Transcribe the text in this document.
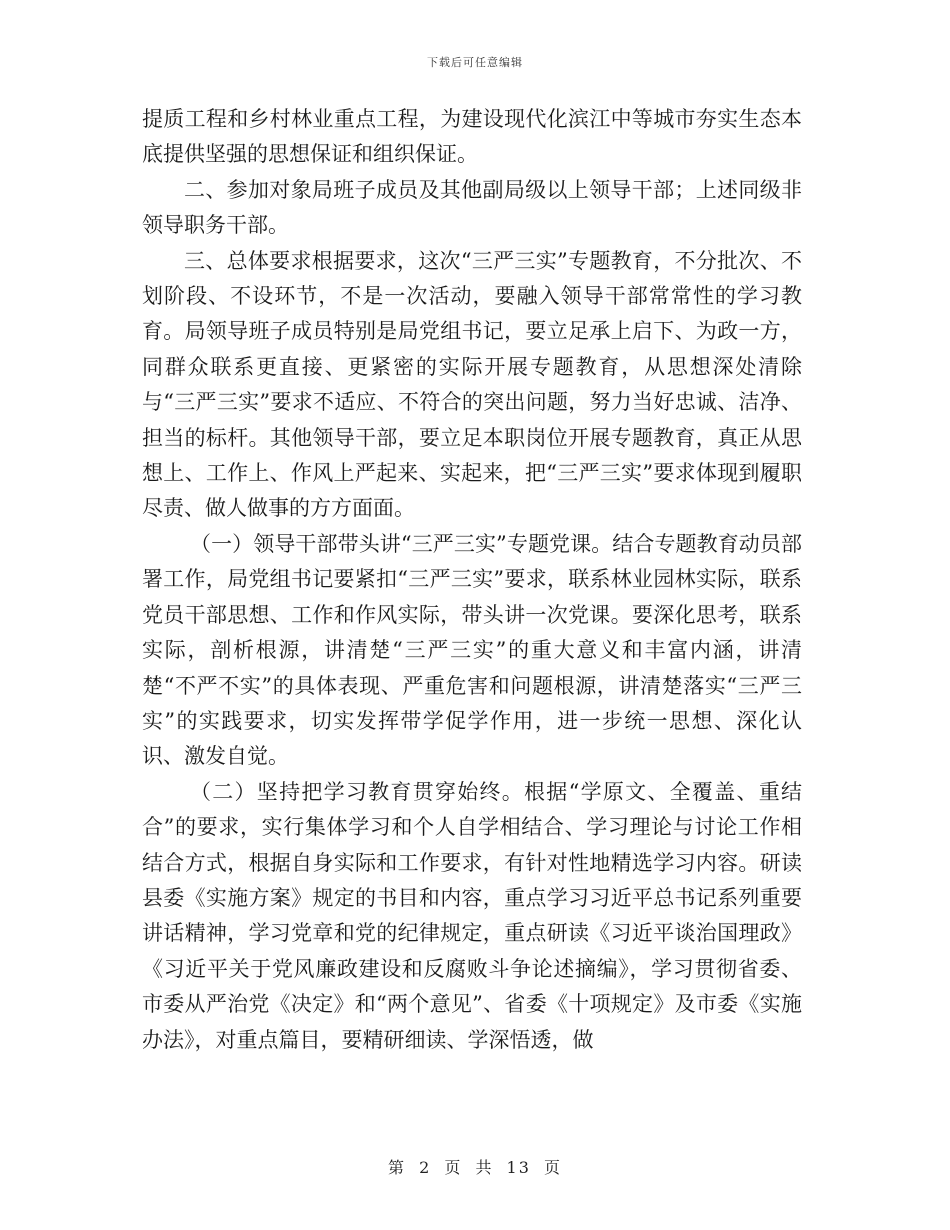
下载后可任意编辑

提质工程和乡村林业重点工程，为建设现代化滨江中等城市夯实生态本底提供坚强的思想保证和组织保证。

二、参加对象局班子成员及其他副局级以上领导干部；上述同级非领导职务干部。

三、总体要求根据要求，这次“三严三实”专题教育，不分批次、不划阶段、不设环节，不是一次活动，要融入领导干部常常性的学习教育。局领导班子成员特别是局党组书记，要立足承上启下、为政一方，同群众联系更直接、更紧密的实际开展专题教育，从思想深处清除与“三严三实”要求不适应、不符合的突出问题，努力当好忠诚、洁净、担当的标杆。其他领导干部，要立足本职岗位开展专题教育，真正从思想上、工作上、作风上严起来、实起来，把“三严三实”要求体现到履职尽责、做人做事的方方面面。

（一）领导干部带头讲“三严三实”专题党课。结合专题教育动员部署工作，局党组书记要紧扣“三严三实”要求，联系林业园林实际，联系党员干部思想、工作和作风实际，带头讲一次党课。要深化思考，联系实际，剖析根源，讲清楚“三严三实”的重大意义和丰富内涵，讲清楚“不严不实”的具体表现、严重危害和问题根源，讲清楚落实“三严三实”的实践要求，切实发挥带学促学作用，进一步统一思想、深化认识、激发自觉。

（二）坚持把学习教育贯穿始终。根据“学原文、全覆盖、重结合”的要求，实行集体学习和个人自学相结合、学习理论与讨论工作相结合方式，根据自身实际和工作要求，有针对性地精选学习内容。研读县委《实施方案》规定的书目和内容，重点学习习近平总书记系列重要讲话精神，学习党章和党的纪律规定，重点研读《习近平谈治国理政》《习近平关于党风廉政建设和反腐败斗争论述摘编》，学习贯彻省委、市委从严治党《决定》和“两个意见”、省委《十项规定》及市委《实施办法》，对重点篇目，要精研细读、学深悟透，做

第 2 页 共 13 页
